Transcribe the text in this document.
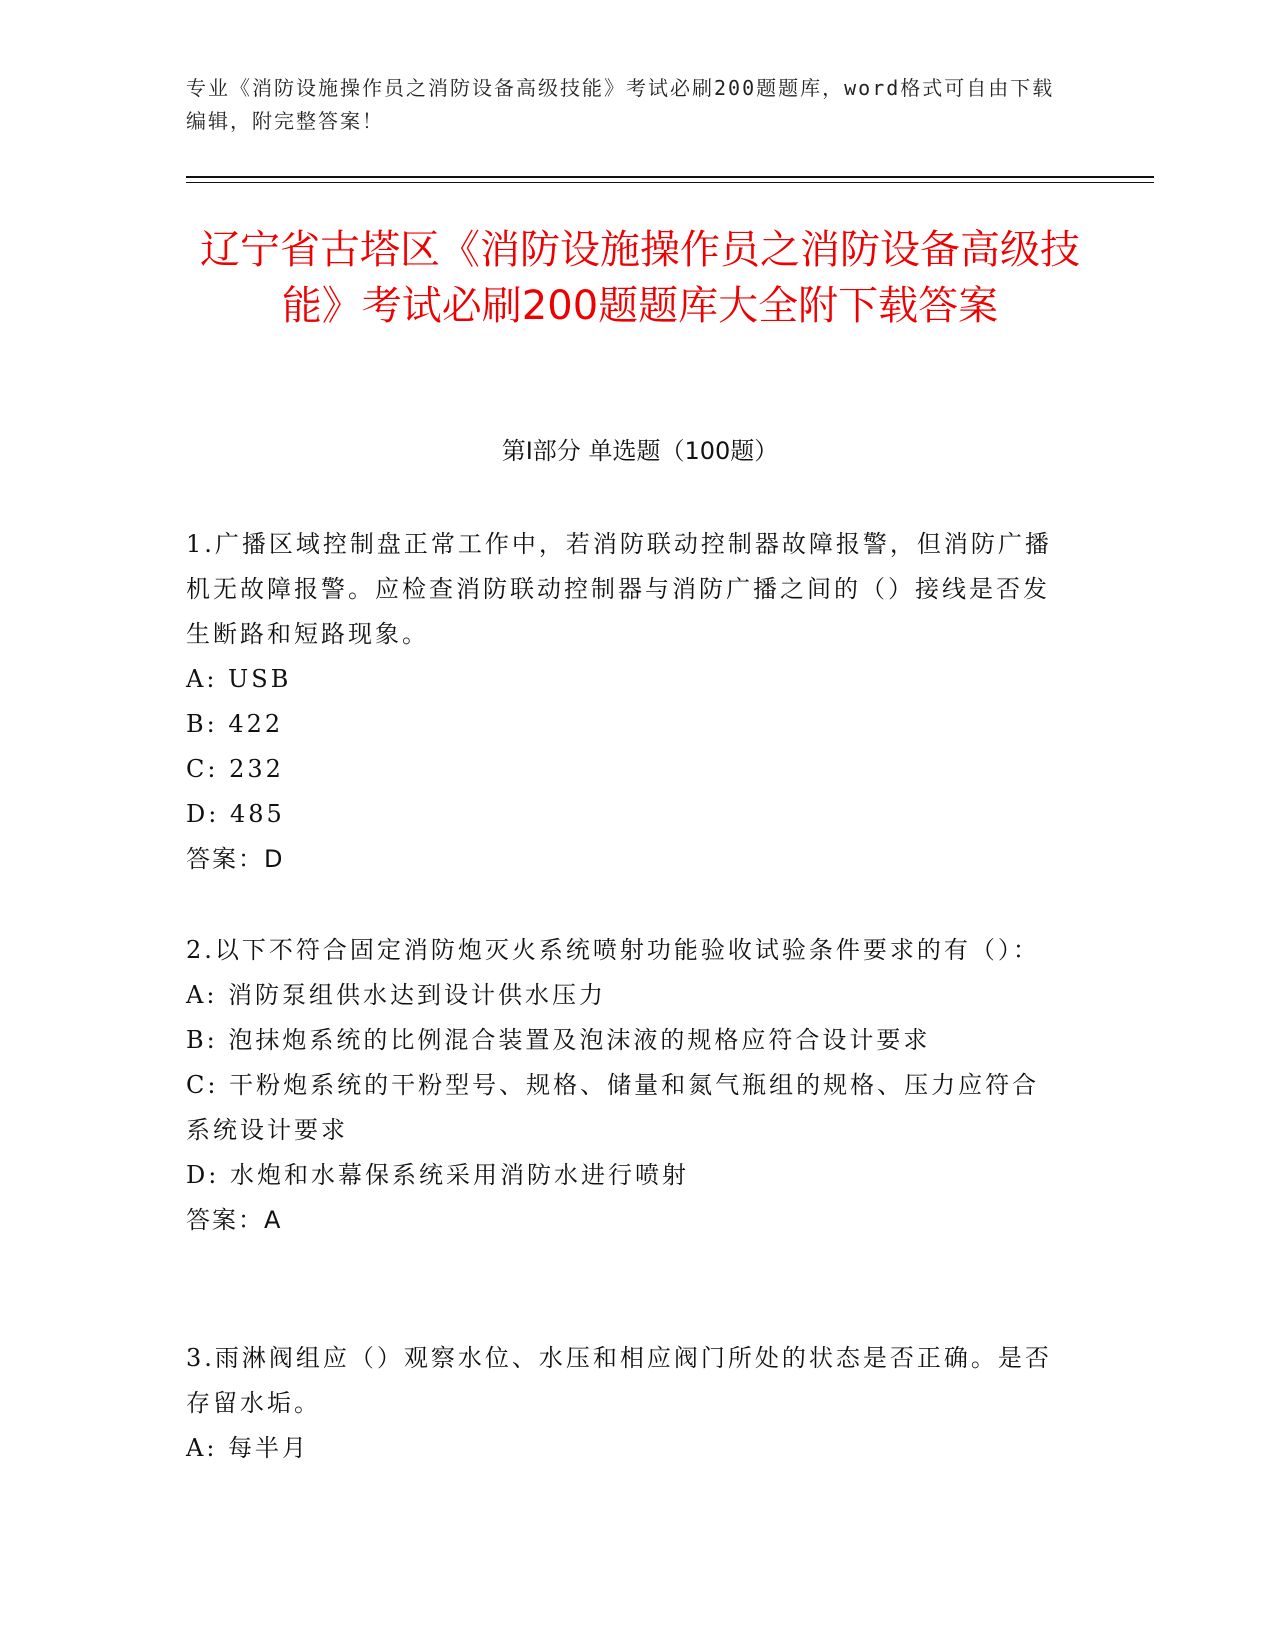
专业《消防设施操作员之消防设备高级技能》考试必刷200题题库，word格式可自由下载编辑，附完整答案！
辽宁省古塔区《消防设施操作员之消防设备高级技能》考试必刷200题题库大全附下载答案
第Ⅰ部分 单选题（100题）

1.广播区域控制盘正常工作中，若消防联动控制器故障报警，但消防广播机无故障报警。应检查消防联动控制器与消防广播之间的（）接线是否发生断路和短路现象。

A: USB

B: 422

C: 232

D: 485

答案：D

2.以下不符合固定消防炮灭火系统喷射功能验收试验条件要求的有（）：

A: 消防泵组供水达到设计供水压力

B: 泡抹炮系统的比例混合装置及泡沫液的规格应符合设计要求

C: 干粉炮系统的干粉型号、规格、储量和氮气瓶组的规格、压力应符合系统设计要求

D: 水炮和水幕保系统采用消防水进行喷射

答案：A

3.雨淋阀组应（）观察水位、水压和相应阀门所处的状态是否正确。是否存留水垢。

A: 每半月
